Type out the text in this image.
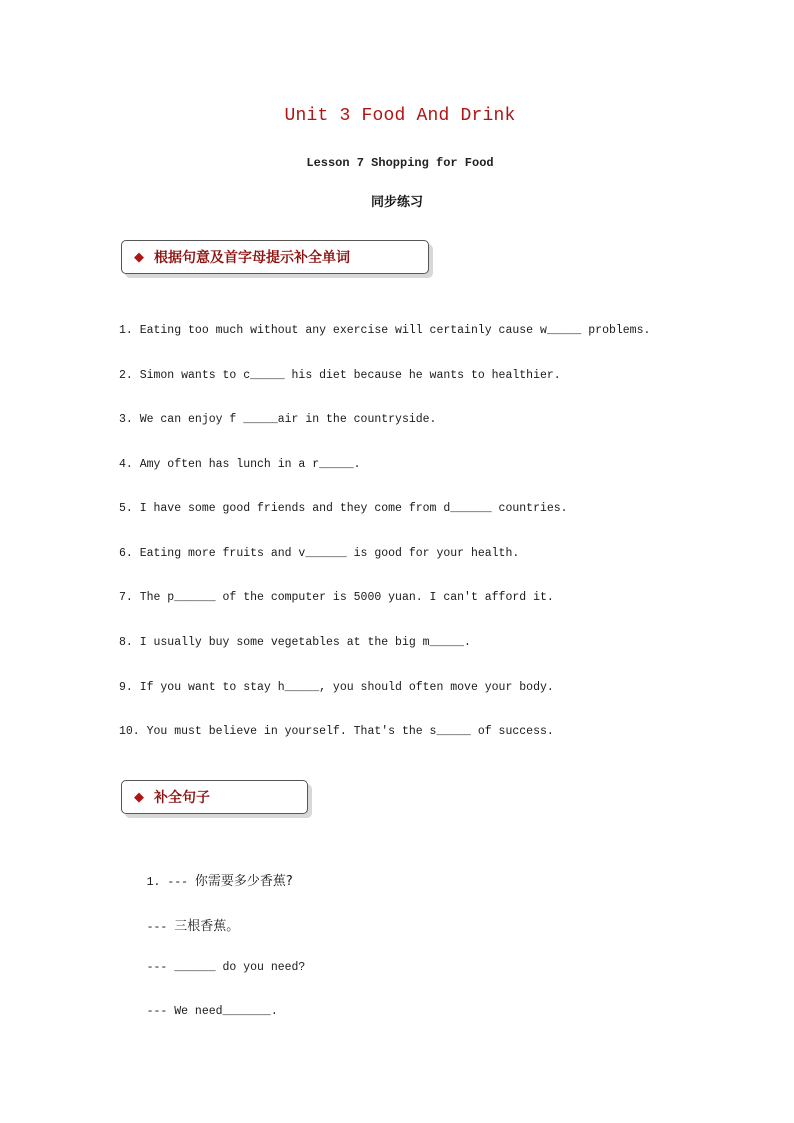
Unit 3 Food And Drink
Lesson 7 Shopping for Food
同步练习
◆ 根据句意及首字母提示补全单词
1. Eating too much without any exercise will certainly cause w_____ problems.
2. Simon wants to c_____ his diet because he wants to healthier.
3. We can enjoy f _____air in the countryside.
4. Amy often has lunch in a r_____.
5. I have some good friends and they come from d______ countries.
6. Eating more fruits and v______ is good for your health.
7. The p______ of the computer is 5000 yuan. I can't afford it.
8. I usually buy some vegetables at the big m_____.
9. If you want to stay h_____, you should often move your body.
10. You must believe in yourself. That's the s_____ of success.
◆ 补全句子

1. --- 你需要多少香蕉?

--- 三根香蕉。

--- ______ do you need?

--- We need_______.
